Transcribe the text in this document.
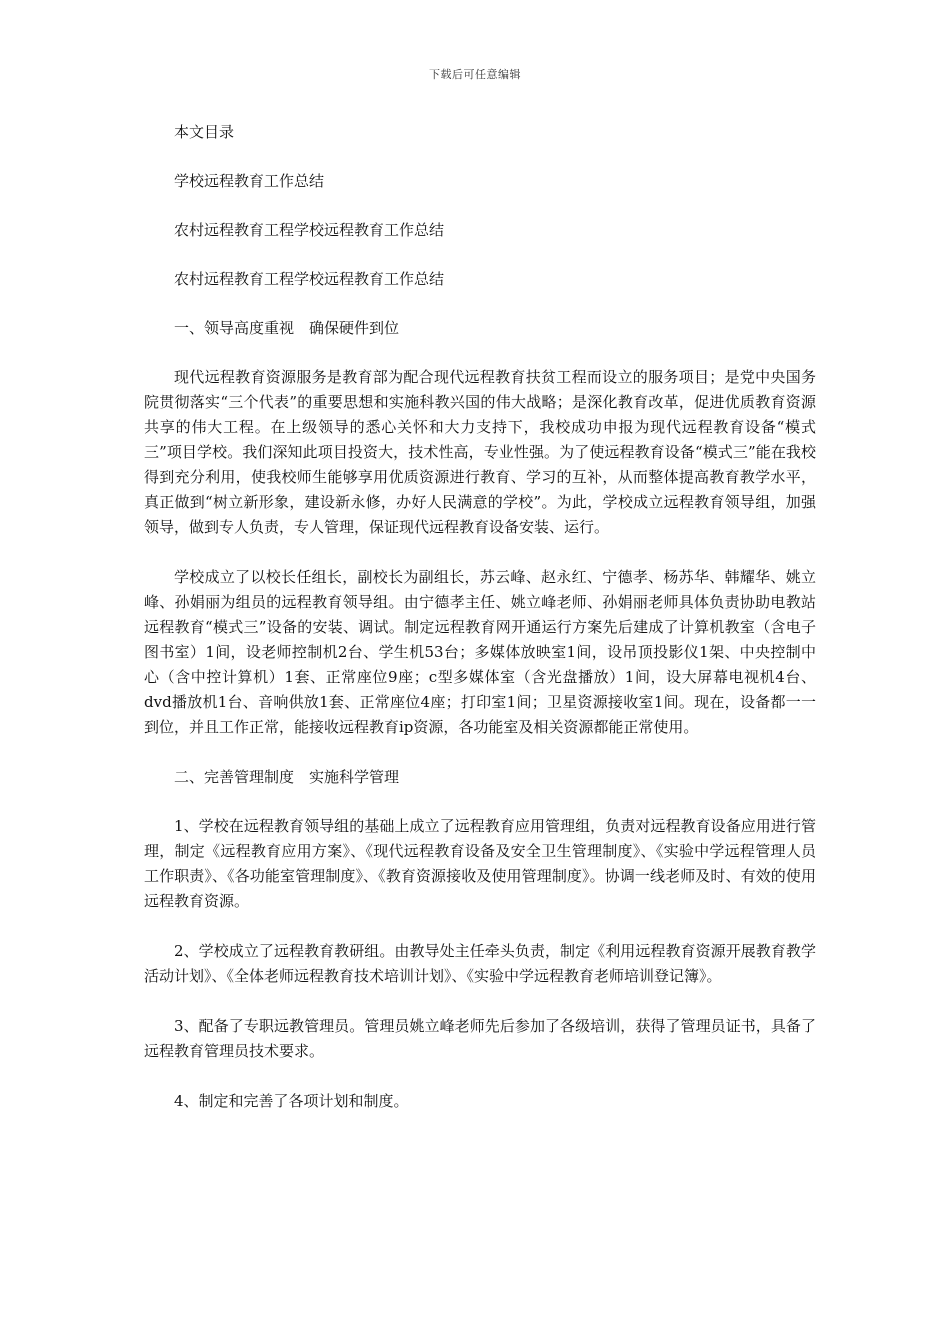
下载后可任意编辑

本文目录

学校远程教育工作总结

农村远程教育工程学校远程教育工作总结

农村远程教育工程学校远程教育工作总结

一、领导高度重视　确保硬件到位

现代远程教育资源服务是教育部为配合现代远程教育扶贫工程而设立的服务项目；是党中央国务院贯彻落实“三个代表”的重要思想和实施科教兴国的伟大战略；是深化教育改革，促进优质教育资源共享的伟大工程。在上级领导的悉心关怀和大力支持下，我校成功申报为现代远程教育设备“模式三”项目学校。我们深知此项目投资大，技术性高，专业性强。为了使远程教育设备“模式三”能在我校得到充分利用，使我校师生能够享用优质资源进行教育、学习的互补，从而整体提高教育教学水平，真正做到“树立新形象，建设新永修，办好人民满意的学校”。为此，学校成立远程教育领导组，加强领导，做到专人负责，专人管理，保证现代远程教育设备安装、运行。

学校成立了以校长任组长，副校长为副组长，苏云峰、赵永红、宁德孝、杨苏华、韩耀华、姚立峰、孙娟丽为组员的远程教育领导组。由宁德孝主任、姚立峰老师、孙娟丽老师具体负责协助电教站远程教育“模式三”设备的安装、调试。制定远程教育网开通运行方案先后建成了计算机教室（含电子图书室）1间，设老师控制机2台、学生机53台；多媒体放映室1间，设吊顶投影仪1架、中央控制中心（含中控计算机）1套、正常座位9座；c型多媒体室（含光盘播放）1间，设大屏幕电视机4台、dvd播放机1台、音响供放1套、正常座位4座；打印室1间；卫星资源接收室1间。现在，设备都一一到位，并且工作正常，能接收远程教育ip资源，各功能室及相关资源都能正常使用。

二、完善管理制度　实施科学管理

1、学校在远程教育领导组的基础上成立了远程教育应用管理组，负责对远程教育设备应用进行管理，制定《远程教育应用方案》、《现代远程教育设备及安全卫生管理制度》、《实验中学远程管理人员工作职责》、《各功能室管理制度》、《教育资源接收及使用管理制度》。协调一线老师及时、有效的使用远程教育资源。

2、学校成立了远程教育教研组。由教导处主任牵头负责，制定《利用远程教育资源开展教育教学活动计划》、《全体老师远程教育技术培训计划》、《实验中学远程教育老师培训登记簿》。

3、配备了专职远教管理员。管理员姚立峰老师先后参加了各级培训，获得了管理员证书，具备了远程教育管理员技术要求。

4、制定和完善了各项计划和制度。
